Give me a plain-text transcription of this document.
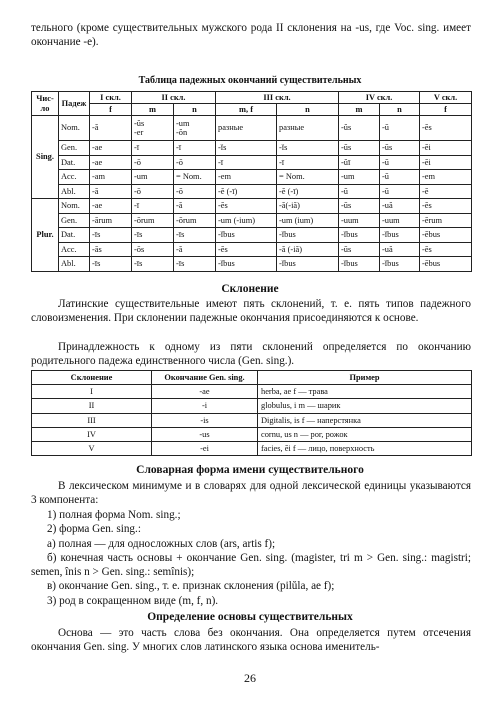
тельного (кроме существительных мужского рода II склонения на -us, где Voc. sing. имеет окончание -e).

Таблица падежных окончаний существительных

Чис-
ло	Падеж	I скл.	II скл.		III скл.		IV скл.		V скл.
		f	m	n	m, f	n	m	n	f
Sing.	Nom.	-ă	-ŭs
-er	-um
-ŏn	разные	разные	-ŭs	-ū	-ēs
	Gen.	-ae	-ī	-ī	-ĭs	-ĭs	-ūs	-ūs	-ēi
	Dat.	-ae	-ō	-ō	-ī	-ī	-ŭī	-ū	-ēi
	Acc.	-am	-um	= Nom.	-em	= Nom.	-um	-ū	-em
	Abl.	-ā	-ō	-ō	-ĕ (-ī)	-ĕ (-ī)	-ū	-ū	-ē
Plur.	Nom.	-ae	-ī	-ă	-ēs	-ă(-iă)	-ūs	-uă	-ēs
	Gen.	-ārum	-ōrum	-ōrum	-um (-ium)	-um (ium)	-uum	-uum	-ērum
	Dat.	-īs	-īs	-īs	-ĭbus	-ĭbus	-ĭbus	-ĭbus	-ēbus
	Acc.	-ās	-ōs	-ă	-ēs	-ă (-iă)	-ūs	-uă	-ēs
	Abl.	-īs	-īs	-īs	-ĭbus	-ĭbus	-ĭbus	-ĭbus	-ēbus

Склонение

Латинские существительные имеют пять склонений, т. е. пять типов падежного словоизменения. При склонении падежные окончания присоединяются к основе.

Принадлежность к одному из пяти склонений определяется по окончанию родительного падежа единственного числа (Gen. sing.).

Склонение	Окончание Gen. sing.	Пример
I	-ae	herba, ae f — трава
II	-i	globulus, i m — шарик
III	-is	Digitalis, is f — наперстянка
IV	-us	cornu, us n — рог, рожок
V	-ei	facies, ēi f — лицо, поверхность

Словарная форма имени существительного

В лексическом минимуме и в словарях для одной лексической единицы указываются 3 компонента:

1) полная форма Nom. sing.;
2) форма Gen. sing.:
а) полная — для односложных слов (ars, artis f);
б) конечная часть основы + окончание Gen. sing. (magister, tri m > Gen. sing.: magistri; semen, înis n > Gen. sing.: semînis);
в) окончание Gen. sing., т. е. признак склонения (pilŭla, ae f);
3) род в сокращенном виде (m, f, n).

Определение основы существительных

Основа — это часть слова без окончания. Она определяется путем отсечения окончания Gen. sing. У многих слов латинского языка основа именитель-

26
